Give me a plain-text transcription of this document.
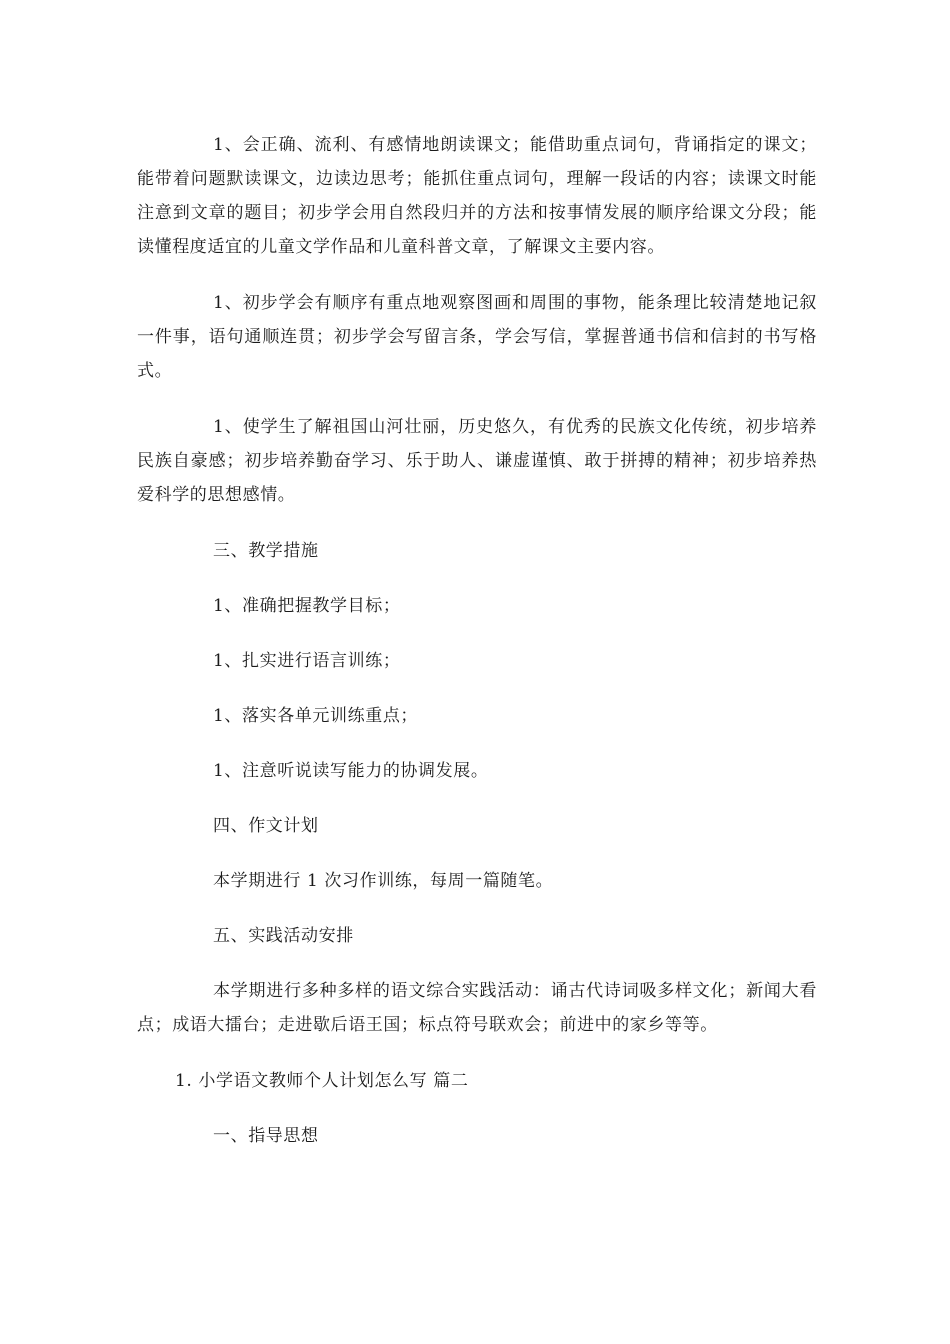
1、会正确、流利、有感情地朗读课文；能借助重点词句，背诵指定的课文；能带着问题默读课文，边读边思考；能抓住重点词句，理解一段话的内容；读课文时能注意到文章的题目；初步学会用自然段归并的方法和按事情发展的顺序给课文分段；能读懂程度适宜的儿童文学作品和儿童科普文章，了解课文主要内容。

1、初步学会有顺序有重点地观察图画和周围的事物，能条理比较清楚地记叙一件事，语句通顺连贯；初步学会写留言条，学会写信，掌握普通书信和信封的书写格式。

1、使学生了解祖国山河壮丽，历史悠久，有优秀的民族文化传统，初步培养民族自豪感；初步培养勤奋学习、乐于助人、谦虚谨慎、敢于拼搏的精神；初步培养热爱科学的思想感情。

三、教学措施

1、准确把握教学目标；

1、扎实进行语言训练；

1、落实各单元训练重点；

1、注意听说读写能力的协调发展。

四、作文计划

本学期进行 1 次习作训练，每周一篇随笔。

五、实践活动安排

本学期进行多种多样的语文综合实践活动：诵古代诗词吸多样文化；新闻大看点；成语大擂台；走进歇后语王国；标点符号联欢会；前进中的家乡等等。

1. 小学语文教师个人计划怎么写 篇二

一、指导思想
